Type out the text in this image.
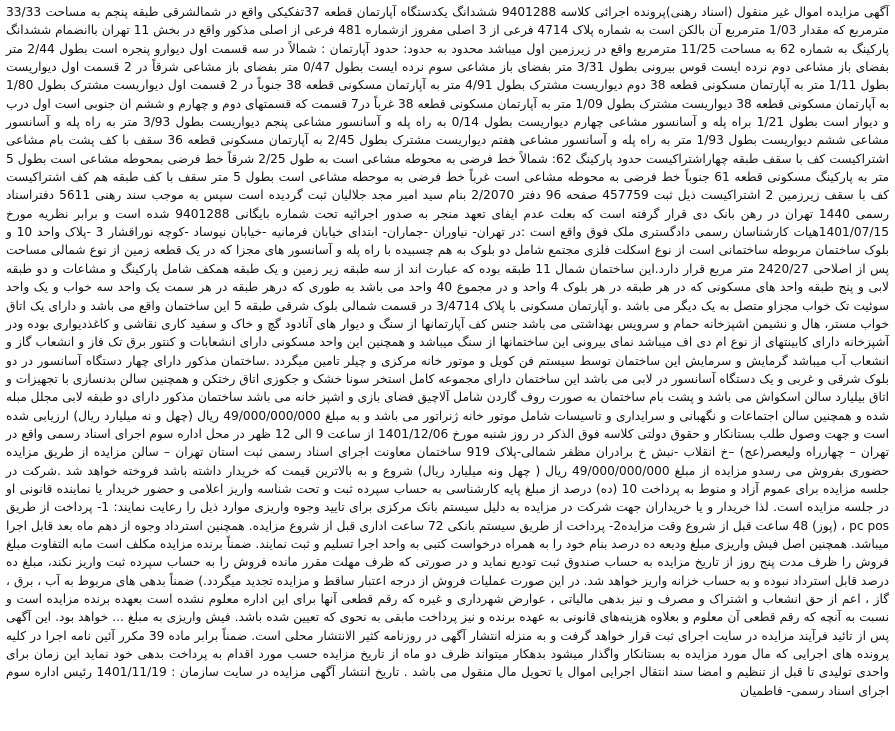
آگهی مزایده اموال غیر منقول (اسناد رهنی)پرونده اجرائی کلاسه 9401288 ششدانگ یکدستگاه آپارتمان قطعه 37تفکیکی واقع در شمالشرقی طبقه پنجم به مساحت 33/33 مترمربع که مقدار 1/03 مترمربع آن بالکن است به شماره پلاک 4714 فرعی از 3 اصلی مفروز ازشماره 481 فرعی از اصلی مذکور واقع در بخش 11 تهران باانضمام ششدانگ پارکینگ به شماره 62 به مساحت 11/25 مترمربع واقع در زیرزمین اول میباشد محدود به حدود: حدود آپارتمان : شمالاً در سه قسمت اول دیوارو پنجره است بطول 2/44 متر بفضای باز مشاعی دوم نرده ایست قوس بیرونی بطول 3/31 متر بفضای باز مشاعی سوم نرده ایست بطول 0/47 متر بفضای باز مشاعی شرقاً در 2 قسمت اول دیواریست بطول 1/11 متر به آپارتمان مسکونی قطعه 38 دوم دیواریست مشترک بطول 4/91 متر به آپارتمان مسکونی قطعه 38 جنوباً در 2 قسمت اول دیواریست مشترک بطول 1/80 به آپارتمان مسکونی قطعه 38 دیواریست مشترک بطول 1/09 متر به آپارتمان مسکونی قطعه 38 غرباً در7 قسمت که قسمتهای دوم و چهارم و ششم ان جنوبی است اول درب و دیوار است بطول 1/21 براه پله و آسانسور مشاعی چهارم دیواریست بطول 0/14 به راه پله و آسانسور مشاعی پنجم دیواریست بطول 3/93 متر به راه پله و آسانسور مشاعی ششم دیواریست بطول 1/93 متر به راه پله و آسانسور مشاعی هفتم دیواریست مشترک بطول 2/45 به آپارتمان مسکونی قطعه 36 سقف با کف پشت بام مشاعی اشتراکیست کف با سقف طبقه چهاراشتراکیست حدود پارکینگ 62: شمالاً خط فرضی به محوطه مشاعی است به طول 2/25 شرقاً خط فرضی بمحوطه مشاعی است بطول 5 متر به پارکینگ مسکونی قطعه 61 جنوباً خط فرضی به محوطه مشاعی است غرباً خط فرضی به موحطه مشاعی است بطول 5 متر سقف با کف طبقه هم کف اشتراکیست کف با سقف زیرزمین 2 اشتراکیست ذیل ثبت 457759 صفحه 96 دفتر 2/2070 بنام سید امیر مجد جلالیان ثبت گردیده است سپس به موجب سند رهنی 5611 دفتراسناد رسمی 1440 تهران در رهن بانک دی قرار گرفته است که بعلت عدم ایفای تعهد منجر به صدور اجرائیه تحت شماره بایگانی 9401288 شده است و برابر نظریه مورخ 1401/07/15هیات کارشناسان رسمی دادگستری ملک فوق واقع است :در تهران- نیاوران -جماران- ابتدای خیابان فرمانیه -خیابان نیوساد -کوچه نوراقشار 3 -پلاک واحد 10 و بلوک ساختمان مربوطه ساختمانی است از نوع اسکلت فلزی مجتمع شامل دو بلوک به هم چسبیده با راه پله و آسانسور های مجزا که در یک قطعه زمین از نوع شمالی مساحت پس از اصلاحی 2420/27 متر مربع قرار دارد.این ساختمان شمال 11 طبقه بوده که عبارت اند از سه طبقه زیر زمین و یک طبقه همکف شامل پارکینگ و مشاعات و دو طبقه لابی و پنج طبقه واحد های مسکونی که در هر طبقه در هر بلوک 4 واحد و در مجموع 40 واحد می باشد به طوری که درهر طبقه در هر سمت یک واحد سه خواب و یک واحد سوئیت تک خواب مجزاو متصل به یک دیگر می باشد .و آپارتمان مسکونی با پلاک 3/4714 در قسمت شمالی بلوک شرقی طبقه 5 این ساختمان واقع می باشد و دارای یک اتاق خواب مستر، هال و نشیمن اشپزخانه حمام و سرویس بهداشتی می باشد جنس کف آپارتمانها از سنگ و دیوار های آنادود گچ و خاک و سفید کاری نقاشی و کاغذدیواری بوده ودر آشپزخانه دارای کابینتهای از نوع ام دی اف میباشد نمای بیرونی این ساختمانها از سنگ میباشد و همچنین این واحد مسکونی دارای انشعابات و کنتور برق تک فاز و انشعاب گاز و انشعاب آب میباشد گرمایش و سرمایش این ساختمان توسط سیستم فن کویل و موتور خانه مرکزی و چیلر تامین میگردد .ساختمان مذکور دارای چهار دستگاه آسانسور در دو بلوک شرقی و غربی و یک دستگاه آسانسور در لابی می باشد این ساختمان دارای مجموعه کامل استخر سونا خشک و جکوزی اتاق رختکن و همچنین سالن بدنسازی با تجهیزات و اتاق بیلیارد سالن اسکواش می باشد و پشت بام ساختمان به صورت روف گاردن شامل آلاچیق فضای بازی و اشپز خانه می باشد ساختمان مذکور دارای دو طبقه لابی مجلل مبله شده و همچنین سالن اجتماعات و نگهبانی و سرایداری و تاسیسات شامل موتور خانه ژنراتور می باشد و به مبلغ 49/000/000/000 ریال (چهل و نه میلیارد ریال) ارزیابی شده است و جهت وصول طلب بستانکار و حقوق دولتی کلاسه فوق الذکر در روز شنبه مورخ 1401/12/06 از ساعت 9 الی 12 ظهر در محل اداره سوم اجرای اسناد رسمی واقع در تهران – چهارراه ولیعصر(عج) –خ انقلاب -نبش خ برادران مظفر شمالی-پلاک 919 ساختمان معاونت اجرای اسناد رسمی ثبت استان تهران – سالن مزایده از طریق مزایده حضوری بفروش می رسدو مزایده از مبلغ 49/000/000/000 ریال ( چهل ونه میلیارد ریال) شروع و به بالاترین قیمت که خریدار داشته باشد فروخته خواهد شد .شرکت در جلسه مزایده برای عموم آزاد و منوط به پرداخت 10 (ده) درصد از مبلغ پایه کارشناسی به حساب سپرده ثبت و تحت شناسه واریز اعلامی و حضور خریدار یا نماینده قانونی او در جلسه مزایده است. لذا خریدار و یا خریداران جهت شرکت در مزایده به دلیل سیستم بانک مرکزی برای تایید وجوه واریزی موارد ذیل را رعایت نمایند: 1- پرداخت از طریق pc pos ، (پوز) 48 ساعت قبل از شروع وقت مزایده2- پرداخت از طریق سیستم بانکی 72 ساعت اداری قبل از شروع مزایده. همچنین استرداد وجوه از دهم ماه بعد قابل اجرا میباشد. همچنین اصل فیش واریزی مبلغ ودیعه ده درصد بنام خود را به همراه درخواست کتبی به واحد اجرا تسلیم و ثبت نمایند. ضمناً برنده مزایده مکلف است مابه التفاوت مبلغ فروش را ظرف مدت پنج روز از تاریخ مزایده به حساب صندوق ثبت تودیع نماید و در صورتی که ظرف مهلت مقرر مانده فروش را به حساب سپرده ثبت واریز نکند، مبلغ ده درصد قابل استرداد نبوده و به حساب خزانه واریز خواهد شد. در این صورت عملیات فروش از درجه اعتبار ساقط و مزایده تجدید میگردد.) ضمناً بدهی های مربوط به آب ، برق ، گاز ، اعم از حق انشعاب و اشتراک و مصرف و نیز بدهی مالیاتی ، عوارض شهرداری و غیره که رقم قطعی آنها برای این اداره معلوم نشده است بعهده برنده مزایده است و نسبت به آنچه که رقم قطعی آن معلوم و بعلاوه هزینه‌های قانونی به عهده برنده و نیز پرداخت مابقی به نحوی که تعیین شده باشد. فیش واریزی به مبلغ ... خواهد بود. این آگهی پس از تائید فرآیند مزایده در سایت اجرای ثبت قرار خواهد گرفت و به منزله انتشار آگهی در روزنامه کثیر الانتشار محلی است. ضمناً برابر ماده 39 مکرر آئین نامه اجرا در کلیه پرونده های اجرایی که مال مورد مزایده به بستانکار واگذار میشود بدهکار میتواند ظرف دو ماه از تاریخ مزایده حسب مورد اقدام به پرداخت بدهی خود نماید این زمان برای واحدی تولیدی تا قبل از تنظیم و امضا سند انتقال اجرایی اموال یا تحویل مال منقول می باشد . تاریخ انتشار آگهی مزایده در سایت سازمان : 1401/11/19 رئیس اداره سوم اجرای اسناد رسمی- فاطمیان
